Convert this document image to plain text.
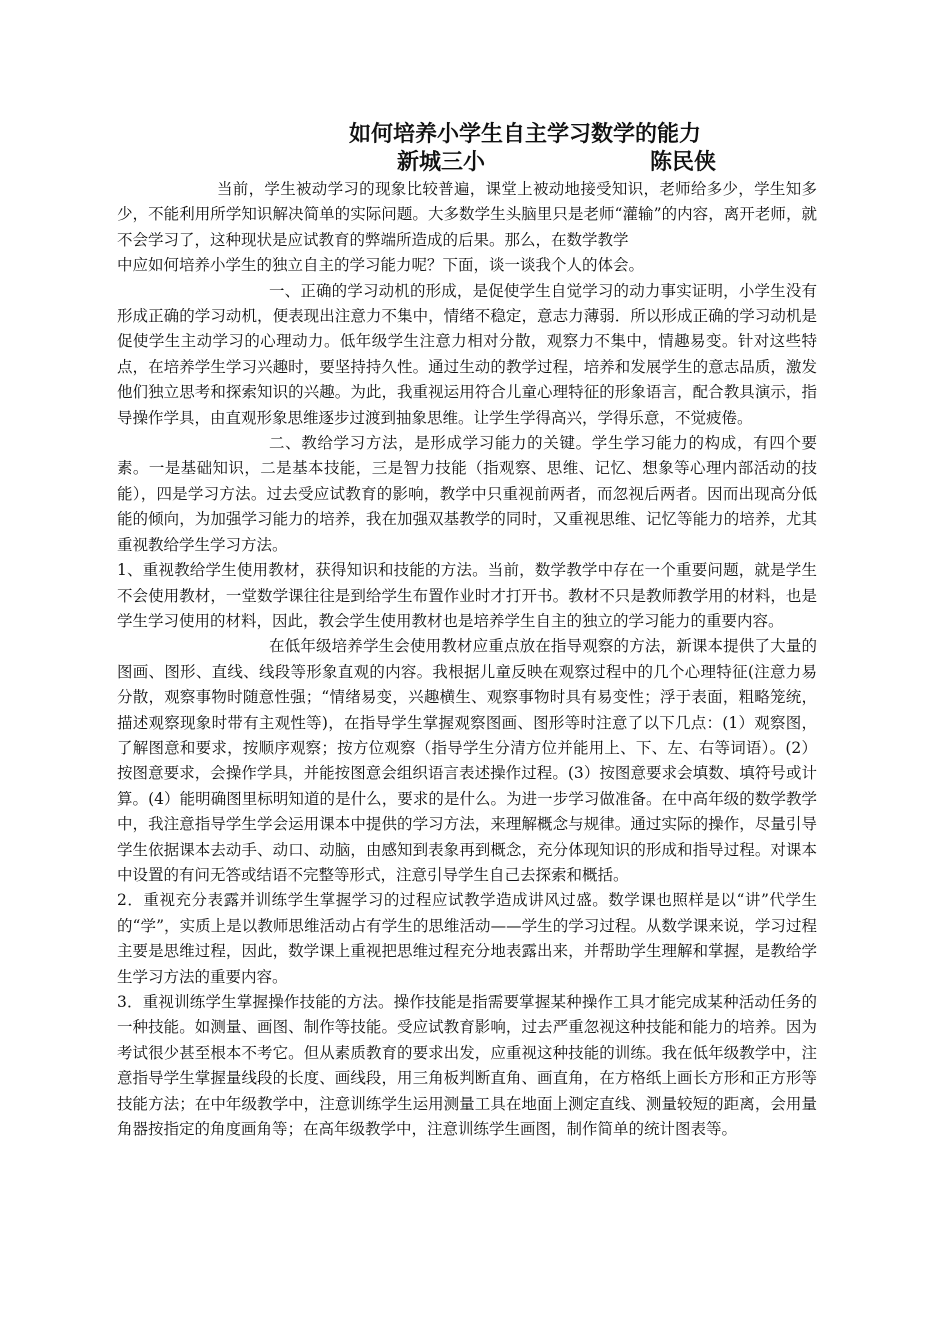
如何培养小学生自主学习数学的能力
新城三小	陈民侠

当前，学生被动学习的现象比较普遍，课堂上被动地接受知识，老师给多少，学生知多少，不能利用所学知识解决简单的实际问题。大多数学生头脑里只是老师“灌输”的内容，离开老师，就不会学习了，这种现状是应试教育的弊端所造成的后果。那么，在数学教学

中应如何培养小学生的独立自主的学习能力呢？下面，谈一谈我个人的体会。

一、正确的学习动机的形成，是促使学生自觉学习的动力事实证明，小学生没有形成正确的学习动机，便表现出注意力不集中，情绪不稳定，意志力薄弱．所以形成正确的学习动机是促使学生主动学习的心理动力。低年级学生注意力相对分散，观察力不集中，情趣易变。针对这些特点，在培养学生学习兴趣时，要坚持持久性。通过生动的教学过程，培养和发展学生的意志品质，激发他们独立思考和探索知识的兴趣。为此，我重视运用符合儿童心理特征的形象语言，配合教具演示，指导操作学具，由直观形象思维逐步过渡到抽象思维。让学生学得高兴，学得乐意，不觉疲倦。

二、教给学习方法，是形成学习能力的关键。学生学习能力的构成，有四个要素。一是基础知识，二是基本技能，三是智力技能（指观察、思维、记忆、想象等心理内部活动的技能），四是学习方法。过去受应试教育的影响，教学中只重视前两者，而忽视后两者。因而出现高分低能的倾向，为加强学习能力的培养，我在加强双基教学的同时，又重视思维、记忆等能力的培养，尤其重视教给学生学习方法。

1、重视教给学生使用教材，获得知识和技能的方法。当前，数学教学中存在一个重要问题，就是学生不会使用教材，一堂数学课往往是到给学生布置作业时才打开书。教材不只是教师教学用的材料，也是学生学习使用的材料，因此，教会学生使用教材也是培养学生自主的独立的学习能力的重要内容。

在低年级培养学生会使用教材应重点放在指导观察的方法，新课本提供了大量的图画、图形、直线、线段等形象直观的内容。我根据儿童反映在观察过程中的几个心理特征(注意力易分散，观察事物时随意性强；“情绪易变，兴趣横生、观察事物时具有易变性；浮于表面，粗略笼统，描述观察现象时带有主观性等)，在指导学生掌握观察图画、图形等时注意了以下几点：(1）观察图，了解图意和要求，按顺序观察；按方位观察（指导学生分清方位并能用上、下、左、右等词语）。(2）按图意要求，会操作学具，并能按图意会组织语言表述操作过程。(3）按图意要求会填数、填符号或计算。(4）能明确图里标明知道的是什么，要求的是什么。为进一步学习做准备。在中高年级的数学教学中，我注意指导学生学会运用课本中提供的学习方法，来理解概念与规律。通过实际的操作，尽量引导学生依据课本去动手、动口、动脑，由感知到表象再到概念，充分体现知识的形成和指导过程。对课本中设置的有问无答或结语不完整等形式，注意引导学生自己去探索和概括。

2．重视充分表露并训练学生掌握学习的过程应试教学造成讲风过盛。数学课也照样是以“讲”代学生的“学”，实质上是以教师思维活动占有学生的思维活动——学生的学习过程。从数学课来说，学习过程主要是思维过程，因此，数学课上重视把思维过程充分地表露出来，并帮助学生理解和掌握，是教给学生学习方法的重要内容。

3．重视训练学生掌握操作技能的方法。操作技能是指需要掌握某种操作工具才能完成某种活动任务的一种技能。如测量、画图、制作等技能。受应试教育影响，过去严重忽视这种技能和能力的培养。因为考试很少甚至根本不考它。但从素质教育的要求出发，应重视这种技能的训练。我在低年级教学中，注意指导学生掌握量线段的长度、画线段，用三角板判断直角、画直角，在方格纸上画长方形和正方形等技能方法；在中年级教学中，注意训练学生运用测量工具在地面上测定直线、测量较短的距离，会用量角器按指定的角度画角等；在高年级教学中，注意训练学生画图，制作简单的统计图表等。
